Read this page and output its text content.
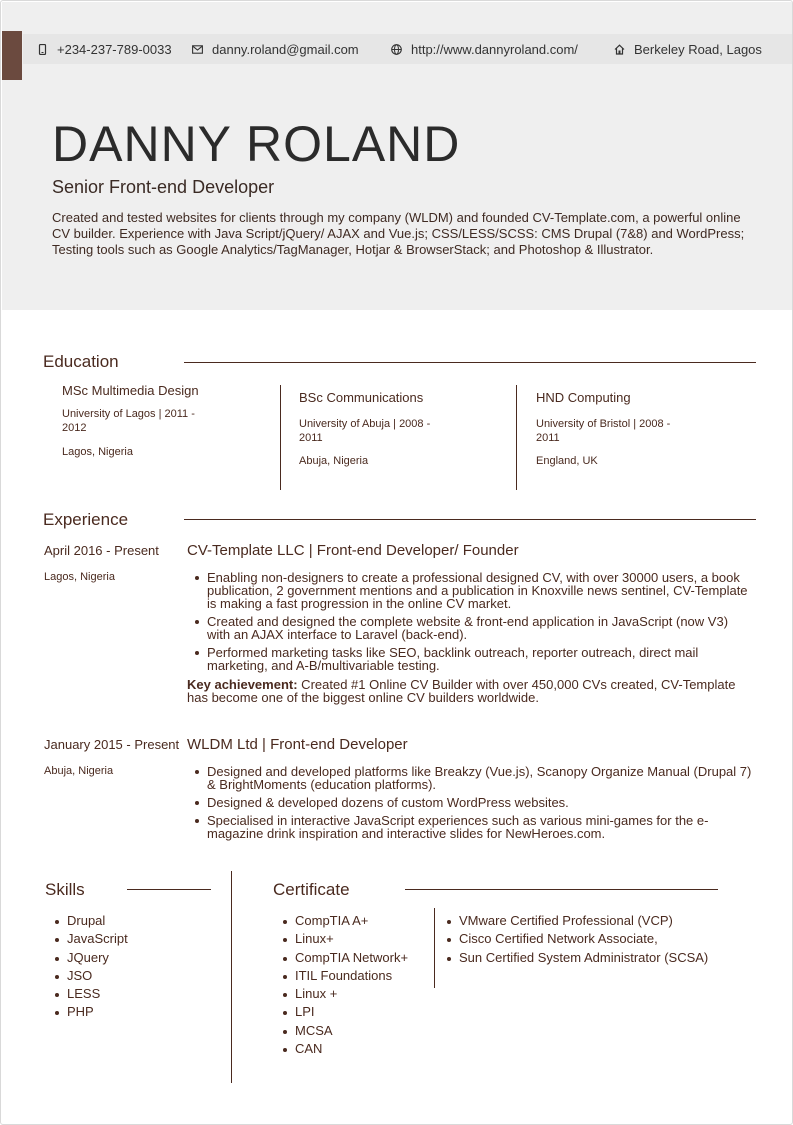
+234-237-789-0033	danny.roland@gmail.com	http://www.dannyroland.com/	Berkeley Road, Lagos
DANNY ROLAND
Senior Front-end Developer
Created and tested websites for clients through my company (WLDM) and founded CV-Template.com, a powerful online CV builder. Experience with Java Script/jQuery/ AJAX and Vue.js; CSS/LESS/SCSS: CMS Drupal (7&8) and WordPress; Testing tools such as Google Analytics/TagManager, Hotjar & BrowserStack; and Photoshop & Illustrator.
Education
MSc Multimedia Design
University of Lagos | 2011 - 2012
Lagos, Nigeria
BSc Communications
University of Abuja | 2008 - 2011
Abuja, Nigeria
HND Computing
University of Bristol | 2008 - 2011
England, UK
Experience
April 2016 - Present
Lagos, Nigeria
CV-Template LLC | Front-end Developer/ Founder
Enabling non-designers to create a professional designed CV, with over 30000 users, a book publication, 2 government mentions and a publication in Knoxville news sentinel, CV-Template is making a fast progression in the online CV market.
Created and designed the complete website & front-end application in JavaScript (now V3) with an AJAX interface to Laravel (back-end).
Performed marketing tasks like SEO, backlink outreach, reporter outreach, direct mail marketing, and A-B/multivariable testing.
Key achievement: Created #1 Online CV Builder with over 450,000 CVs created, CV-Template has become one of the biggest online CV builders worldwide.
January 2015 - Present
Abuja, Nigeria
WLDM Ltd | Front-end Developer
Designed and developed platforms like Breakzy (Vue.js), Scanopy Organize Manual (Drupal 7) & BrightMoments (education platforms).
Designed & developed dozens of custom WordPress websites.
Specialised in interactive JavaScript experiences such as various mini-games for the e-magazine drink inspiration and interactive slides for NewHeroes.com.
Skills
Drupal
JavaScript
JQuery
JSO
LESS
PHP
Certificate
CompTIA A+
Linux+
CompTIA Network+
ITIL Foundations
Linux +
LPI
MCSA
CAN
VMware Certified Professional (VCP)
Cisco Certified Network Associate,
Sun Certified System Administrator (SCSA)
